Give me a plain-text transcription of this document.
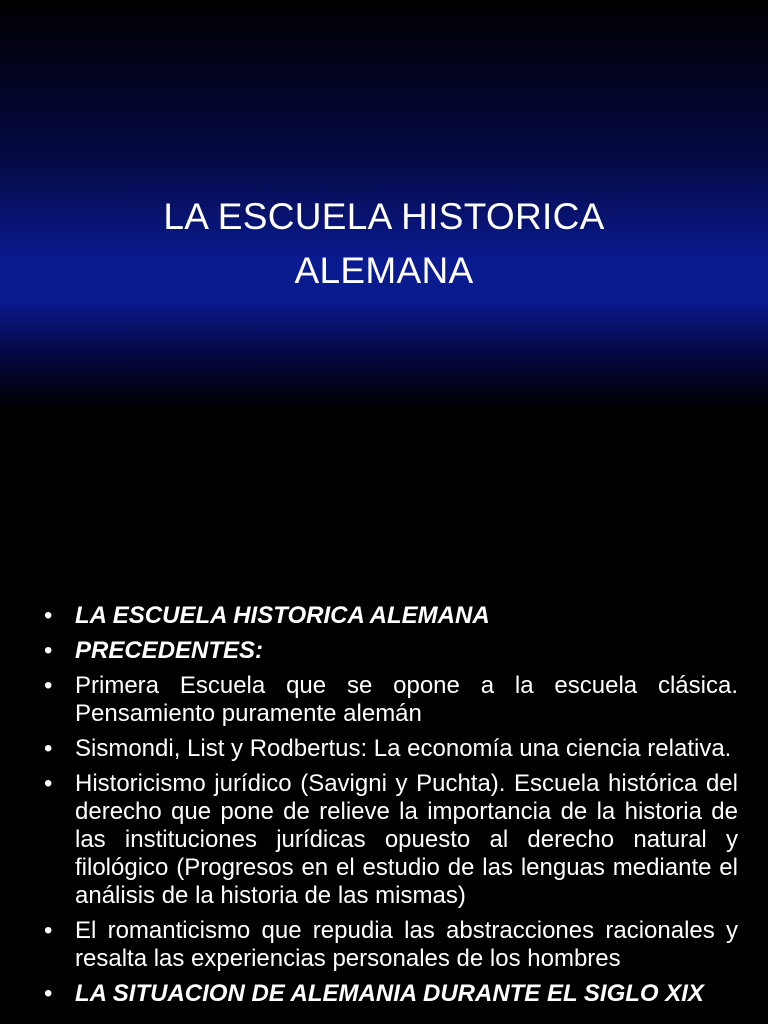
LA ESCUELA HISTORICA
ALEMANA
• LA ESCUELA HISTORICA ALEMANA
• PRECEDENTES:
• Primera Escuela que se opone a la escuela clásica. Pensamiento puramente alemán
• Sismondi, List y Rodbertus: La economía una ciencia relativa.
• Historicismo jurídico (Savigni y Puchta). Escuela histórica del derecho que pone de relieve la importancia de la historia de las instituciones jurídicas opuesto al derecho natural y filológico (Progresos en el estudio de las lenguas mediante el análisis de la historia de las mismas)
• El romanticismo que repudia las abstracciones racionales y resalta las experiencias personales de los hombres
• LA SITUACION DE ALEMANIA DURANTE EL SIGLO XIX
